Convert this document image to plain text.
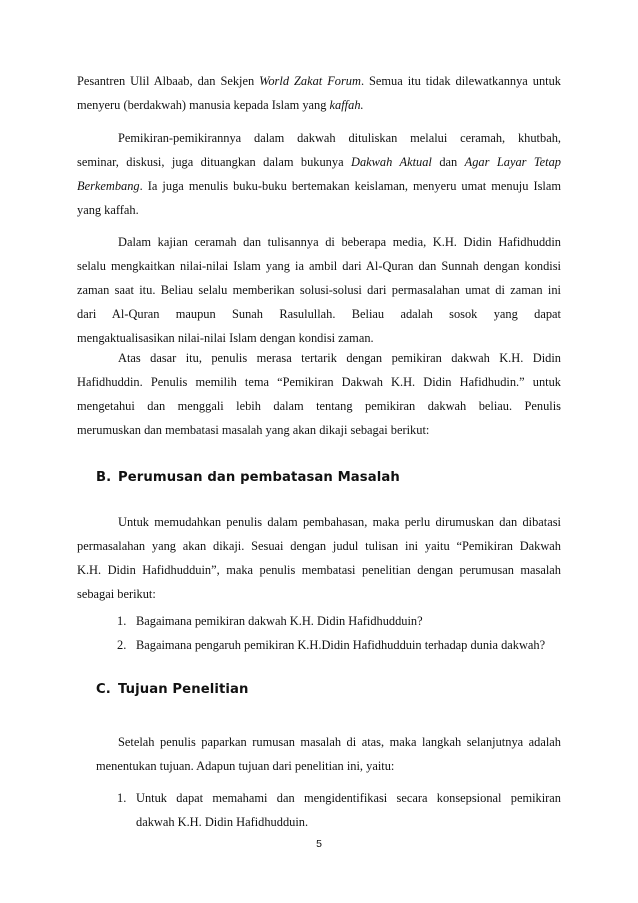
Pesantren Ulil Albaab, dan Sekjen World Zakat Forum. Semua itu tidak dilewatkannya untuk
menyeru (berdakwah) manusia kepada Islam yang kaffah.

Pemikiran-pemikirannya dalam dakwah dituliskan melalui ceramah, khutbah,
seminar, diskusi, juga dituangkan dalam bukunya Dakwah Aktual dan Agar Layar Tetap
Berkembang. Ia juga menulis buku-buku bertemakan keislaman, menyeru umat menuju Islam
yang kaffah.

Dalam kajian ceramah dan tulisannya di beberapa media, K.H. Didin Hafidhuddin
selalu mengkaitkan nilai-nilai Islam yang ia ambil dari Al-Quran dan Sunnah dengan kondisi
zaman saat itu. Beliau selalu memberikan solusi-solusi dari permasalahan umat di zaman ini
dari Al-Quran maupun Sunah Rasulullah. Beliau adalah sosok yang dapat
mengaktualisasikan nilai-nilai Islam dengan kondisi zaman.

Atas dasar itu, penulis merasa tertarik dengan pemikiran dakwah K.H. Didin
Hafidhuddin. Penulis memilih tema “Pemikiran Dakwah K.H. Didin Hafidhudin.” untuk
mengetahui dan menggali lebih dalam tentang pemikiran dakwah beliau. Penulis
merumuskan dan membatasi masalah yang akan dikaji sebagai berikut:

B. Perumusan dan pembatasan Masalah

Untuk memudahkan penulis dalam pembahasan, maka perlu dirumuskan dan dibatasi
permasalahan yang akan dikaji. Sesuai dengan judul tulisan ini yaitu “Pemikiran Dakwah
K.H. Didin Hafidhudduin”, maka penulis membatasi penelitian dengan perumusan masalah
sebagai berikut:

1. Bagaimana pemikiran dakwah K.H. Didin Hafidhudduin?
2. Bagaimana pengaruh pemikiran K.H.Didin Hafidhudduin terhadap dunia dakwah?
C. Tujuan Penelitian

Setelah penulis paparkan rumusan masalah di atas, maka langkah selanjutnya adalah
menentukan tujuan. Adapun tujuan dari penelitian ini, yaitu:

1. Untuk dapat memahami dan mengidentifikasi secara konsepsional pemikiran
dakwah K.H. Didin Hafidhudduin.
5
